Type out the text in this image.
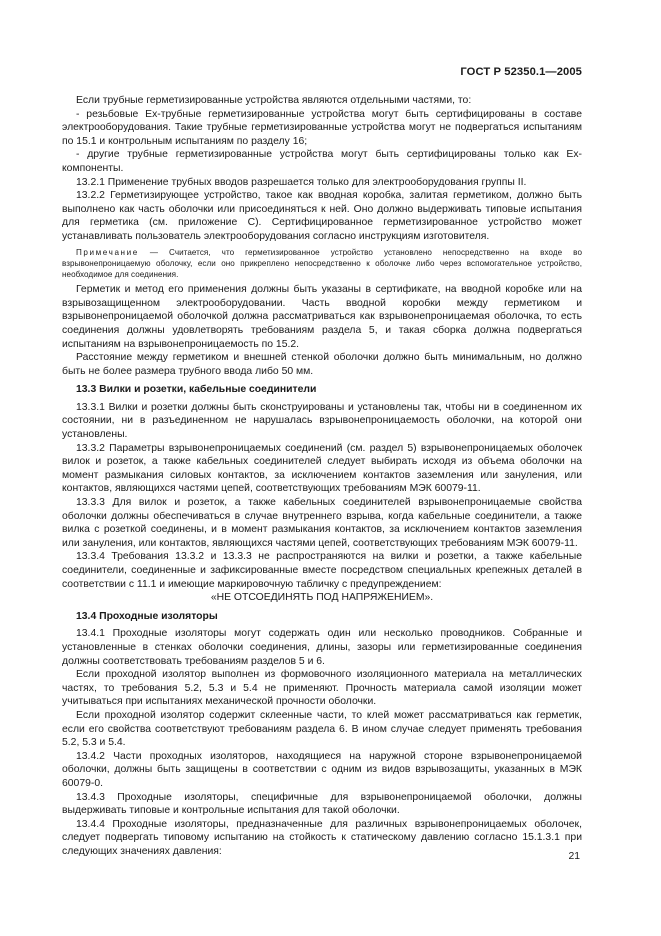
ГОСТ Р 52350.1—2005

Если трубные герметизированные устройства являются отдельными частями, то:

- резьбовые Ех-трубные герметизированные устройства могут быть сертифицированы в составе электрооборудования. Такие трубные герметизированные устройства могут не подвергаться испытаниям по 15.1 и контрольным испытаниям по разделу 16;

- другие трубные герметизированные устройства могут быть сертифицированы только как Ех-компоненты.

13.2.1 Применение трубных вводов разрешается только для электрооборудования группы II.

13.2.2 Герметизирующее устройство, такое как вводная коробка, залитая герметиком, должно быть выполнено как часть оболочки или присоединяться к ней. Оно должно выдерживать типовые испытания для герметика (см. приложение С). Сертифицированное герметизированное устройство может устанавливать пользователь электрооборудования согласно инструкциям изготовителя.

Примечание — Считается, что герметизированное устройство установлено непосредственно на входе во взрывонепроницаемую оболочку, если оно прикреплено непосредственно к оболочке либо через вспомогательное устройство, необходимое для соединения.

Герметик и метод его применения должны быть указаны в сертификате, на вводной коробке или на взрывозащищенном электрооборудовании. Часть вводной коробки между герметиком и взрывонепроницаемой оболочкой должна рассматриваться как взрывонепроницаемая оболочка, то есть соединения должны удовлетворять требованиям раздела 5, и такая сборка должна подвергаться испытаниям на взрывонепроницаемость по 15.2.

Расстояние между герметиком и внешней стенкой оболочки должно быть минимальным, но должно быть не более размера трубного ввода либо 50 мм.

13.3 Вилки и розетки, кабельные соединители

13.3.1 Вилки и розетки должны быть сконструированы и установлены так, чтобы ни в соединенном их состоянии, ни в разъединенном не нарушалась взрывонепроницаемость оболочки, на которой они установлены.

13.3.2 Параметры взрывонепроницаемых соединений (см. раздел 5) взрывонепроницаемых оболочек вилок и розеток, а также кабельных соединителей следует выбирать исходя из объема оболочки на момент размыкания силовых контактов, за исключением контактов заземления или зануления, или контактов, являющихся частями цепей, соответствующих требованиям МЭК 60079-11.

13.3.3 Для вилок и розеток, а также кабельных соединителей взрывонепроницаемые свойства оболочки должны обеспечиваться в случае внутреннего взрыва, когда кабельные соединители, а также вилка с розеткой соединены, и в момент размыкания контактов, за исключением контактов заземления или зануления, или контактов, являющихся частями цепей, соответствующих требованиям МЭК 60079-11.

13.3.4 Требования 13.3.2 и 13.3.3 не распространяются на вилки и розетки, а также кабельные соединители, соединенные и зафиксированные вместе посредством специальных крепежных деталей в соответствии с 11.1 и имеющие маркировочную табличку с предупреждением:

«НЕ ОТСОЕДИНЯТЬ ПОД НАПРЯЖЕНИЕМ».

13.4 Проходные изоляторы

13.4.1 Проходные изоляторы могут содержать один или несколько проводников. Собранные и установленные в стенках оболочки соединения, длины, зазоры или герметизированные соединения должны соответствовать требованиям разделов 5 и 6.

Если проходной изолятор выполнен из формовочного изоляционного материала на металлических частях, то требования 5.2, 5.3 и 5.4 не применяют. Прочность материала самой изоляции может учитываться при испытаниях механической прочности оболочки.

Если проходной изолятор содержит склеенные части, то клей может рассматриваться как герметик, если его свойства соответствуют требованиям раздела 6. В ином случае следует применять требования 5.2, 5.3 и 5.4.

13.4.2 Части проходных изоляторов, находящиеся на наружной стороне взрывонепроницаемой оболочки, должны быть защищены в соответствии с одним из видов взрывозащиты, указанных в МЭК 60079-0.

13.4.3 Проходные изоляторы, специфичные для взрывонепроницаемой оболочки, должны выдерживать типовые и контрольные испытания для такой оболочки.

13.4.4 Проходные изоляторы, предназначенные для различных взрывонепроницаемых оболочек, следует подвергать типовому испытанию на стойкость к статическому давлению согласно 15.1.3.1 при следующих значениях давления:	21
